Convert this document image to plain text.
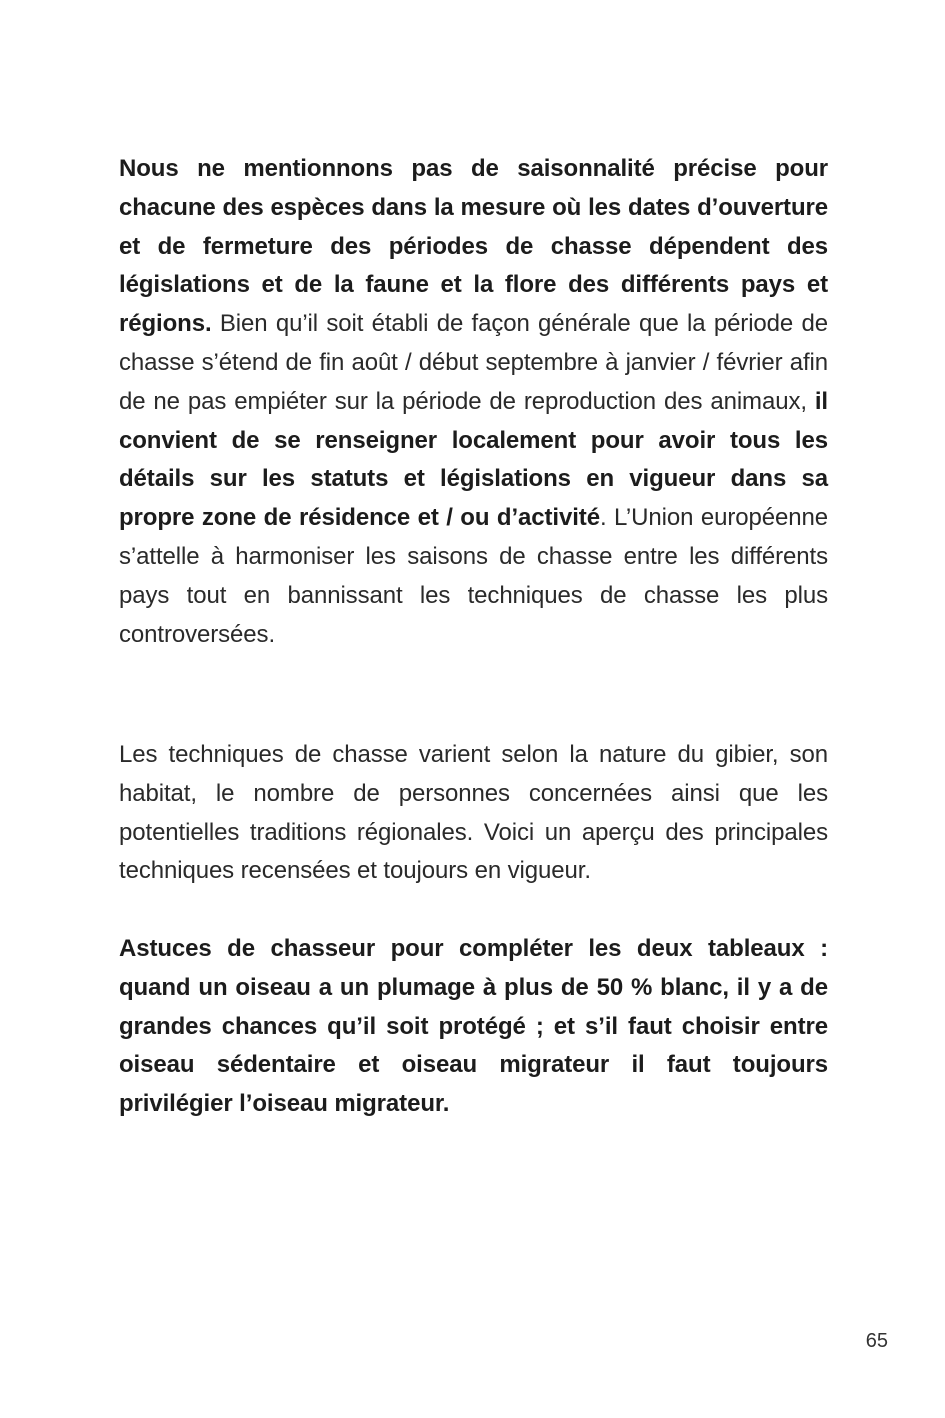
Nous ne mentionnons pas de saisonnalité précise pour chacune des espèces dans la mesure où les dates d’ouverture et de fermeture des périodes de chasse dépendent des législations et de la faune et la flore des différents pays et régions. Bien qu’il soit établi de façon générale que la période de chasse s’étend de fin août / début septembre à janvier / février afin de ne pas empiéter sur la période de reproduction des animaux, il convient de se renseigner localement pour avoir tous les détails sur les statuts et législations en vigueur dans sa propre zone de résidence et / ou d’activité. L’Union européenne s’attelle à harmoniser les saisons de chasse entre les différents pays tout en bannissant les techniques de chasse les plus controversées.
Les techniques de chasse varient selon la nature du gibier, son habitat, le nombre de personnes concernées ainsi que les potentielles traditions régionales. Voici un aperçu des principales techniques recensées et toujours en vigueur.
Astuces de chasseur pour compléter les deux tableaux : quand un oiseau a un plumage à plus de 50 % blanc, il y a de grandes chances qu’il soit protégé ; et s’il faut choisir entre oiseau sédentaire et oiseau migrateur il faut toujours privilégier l’oiseau migrateur.
65
